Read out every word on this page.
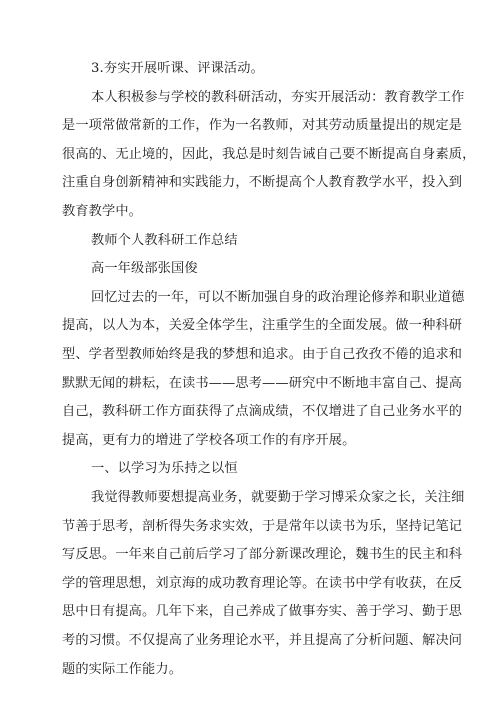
3.夯实开展听课、评课活动。
本人积极参与学校的教科研活动，夯实开展活动：教育教学工作
是一项常做常新的工作，作为一名教师，对其劳动质量提出的规定是
很高的、无止境的，因此，我总是时刻告诫自己要不断提高自身素质，
注重自身创新精神和实践能力，不断提高个人教育教学水平，投入到
教育教学中。
教师个人教科研工作总结
高一年级部张国俊
回忆过去的一年，可以不断加强自身的政治理论修养和职业道德
提高，以人为本，关爱全体学生，注重学生的全面发展。做一种科研
型、学者型教师始终是我的梦想和追求。由于自己孜孜不倦的追求和
默默无闻的耕耘，在读书——思考——研究中不断地丰富自己、提高
自己，教科研工作方面获得了点滴成绩，不仅增进了自己业务水平的
提高，更有力的增进了学校各项工作的有序开展。
一、以学习为乐持之以恒
我觉得教师要想提高业务，就要勤于学习博采众家之长，关注细
节善于思考，剖析得失务求实效，于是常年以读书为乐，坚持记笔记
写反思。一年来自己前后学习了部分新课改理论，魏书生的民主和科
学的管理思想，刘京海的成功教育理论等。在读书中学有收获，在反
思中日有提高。几年下来，自己养成了做事夯实、善于学习、勤于思
考的习惯。不仅提高了业务理论水平，并且提高了分析问题、解决问
题的实际工作能力。
